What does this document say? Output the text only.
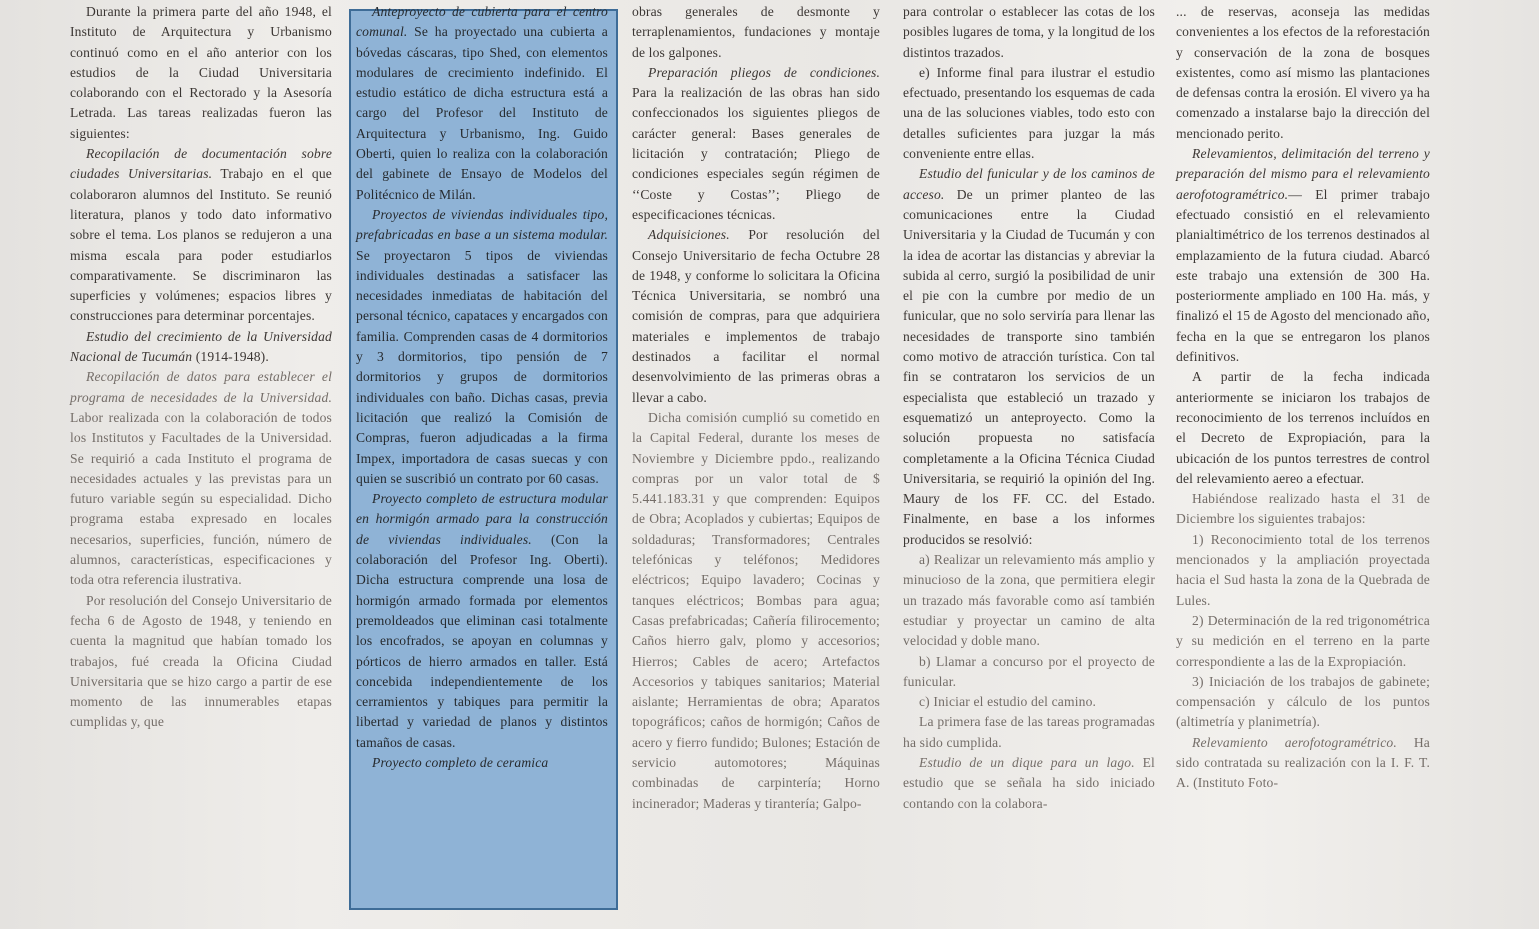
Durante la primera parte del año 1948, el Instituto de Arquitectura y Urbanismo continuó como en el año anterior con los estudios de la Ciudad Universitaria colaborando con el Rectorado y la Asesoría Letrada. Las tareas realizadas fueron las siguientes:

Recopilación de documentación sobre ciudades Universitarias. Trabajo en el que colaboraron alumnos del Instituto. Se reunió literatura, planos y todo dato informativo sobre el tema. Los planos se redujeron a una misma escala para poder estudiarlos comparativamente. Se discriminaron las superficies y volúmenes; espacios libres y construcciones para determinar porcentajes.

Estudio del crecimiento de la Universidad Nacional de Tucumán (1914-1948).

Recopilación de datos para establecer el programa de necesidades de la Universidad. Labor realizada con la colaboración de todos los Institutos y Facultades de la Universidad. Se requirió a cada Instituto el programa de necesidades actuales y las previstas para un futuro variable según su especialidad. Dicho programa estaba expresado en locales necesarios, superficies, función, número de alumnos, características, especificaciones y toda otra referencia ilustrativa.

Por resolución del Consejo Universitario de fecha 6 de Agosto de 1948, y teniendo en cuenta la magnitud que habían tomado los trabajos, fué creada la Oficina Ciudad Universitaria que se hizo cargo a partir de ese momento de las innumerables etapas cumplidas y, que

Anteproyecto de cubierta para el centro comunal. Se ha proyectado una cubierta a bóvedas cáscaras, tipo Shed, con elementos modulares de crecimiento indefinido. El estudio estático de dicha estructura está a cargo del Profesor del Instituto de Arquitectura y Urbanismo, Ing. Guido Oberti, quien lo realiza con la colaboración del gabinete de Ensayo de Modelos del Politécnico de Milán.

Proyectos de viviendas individuales tipo, prefabricadas en base a un sistema modular. Se proyectaron 5 tipos de viviendas individuales destinadas a satisfacer las necesidades inmediatas de habitación del personal técnico, capataces y encargados con familia. Comprenden casas de 4 dormitorios y 3 dormitorios, tipo pensión de 7 dormitorios y grupos de dormitorios individuales con baño. Dichas casas, previa licitación que realizó la Comisión de Compras, fueron adjudicadas a la firma Impex, importadora de casas suecas y con quien se suscribió un contrato por 60 casas.

Proyecto completo de estructura modular en hormigón armado para la construcción de viviendas individuales. (Con la colaboración del Profesor Ing. Oberti). Dicha estructura comprende una losa de hormigón armado formada por elementos premoldeados que eliminan casi totalmente los encofrados, se apoyan en columnas y pórticos de hierro armados en taller. Está concebida independientemente de los cerramientos y tabiques para permitir la libertad y variedad de planos y distintos tamaños de casas.

Proyecto completo de ceramica

obras generales de desmonte y terraplenamientos, fundaciones y montaje de los galpones.

Preparación pliegos de condiciones. Para la realización de las obras han sido confeccionados los siguientes pliegos de carácter general: Bases generales de licitación y contratación; Pliego de condiciones especiales según régimen de ‘‘Coste y Costas’’; Pliego de especificaciones técnicas.

Adquisiciones. Por resolución del Consejo Universitario de fecha Octubre 28 de 1948, y conforme lo solicitara la Oficina Técnica Universitaria, se nombró una comisión de compras, para que adquiriera materiales e implementos de trabajo destinados a facilitar el normal desenvolvimiento de las primeras obras a llevar a cabo.

Dicha comisión cumplió su cometido en la Capital Federal, durante los meses de Noviembre y Diciembre ppdo., realizando compras por un valor total de $ 5.441.183.31 y que comprenden: Equipos de Obra; Acoplados y cubiertas; Equipos de soldaduras; Transformadores; Centrales telefónicas y teléfonos; Medidores eléctricos; Equipo lavadero; Cocinas y tanques eléctricos; Bombas para agua; Casas prefabricadas; Cañería filirocemento; Caños hierro galv, plomo y accesorios; Hierros; Cables de acero; Artefactos Accesorios y tabiques sanitarios; Material aislante; Herramientas de obra; Aparatos topográficos; caños de hormigón; Caños de acero y fierro fundido; Bulones; Estación de servicio automotores; Máquinas combinadas de carpintería; Horno incinerador; Maderas y tirantería; Galpo-

para controlar o establecer las cotas de los posibles lugares de toma, y la longitud de los distintos trazados.

e) Informe final para ilustrar el estudio efectuado, presentando los esquemas de cada una de las soluciones viables, todo esto con detalles suficientes para juzgar la más conveniente entre ellas.

Estudio del funicular y de los caminos de acceso. De un primer planteo de las comunicaciones entre la Ciudad Universitaria y la Ciudad de Tucumán y con la idea de acortar las distancias y abreviar la subida al cerro, surgió la posibilidad de unir el pie con la cumbre por medio de un funicular, que no solo serviría para llenar las necesidades de transporte sino también como motivo de atracción turística. Con tal fin se contrataron los servicios de un especialista que estableció un trazado y esquematizó un anteproyecto. Como la solución propuesta no satisfacía completamente a la Oficina Técnica Ciudad Universitaria, se requirió la opinión del Ing. Maury de los FF. CC. del Estado. Finalmente, en base a los informes producidos se resolvió:

a) Realizar un relevamiento más amplio y minucioso de la zona, que permitiera elegir un trazado más favorable como así también estudiar y proyectar un camino de alta velocidad y doble mano.

b) Llamar a concurso por el proyecto de funicular.

c) Iniciar el estudio del camino.

La primera fase de las tareas programadas ha sido cumplida.

Estudio de un dique para un lago. El estudio que se señala ha sido iniciado contando con la colabora-

... de reservas, aconseja las medidas convenientes a los efectos de la reforestación y conservación de la zona de bosques existentes, como así mismo las plantaciones de defensas contra la erosión. El vivero ya ha comenzado a instalarse bajo la dirección del mencionado perito.

Relevamientos, delimitación del terreno y preparación del mismo para el relevamiento aerofotogramétrico.— El primer trabajo efectuado consistió en el relevamiento planialtimétrico de los terrenos destinados al emplazamiento de la futura ciudad. Abarcó este trabajo una extensión de 300 Ha. posteriormente ampliado en 100 Ha. más, y finalizó el 15 de Agosto del mencionado año, fecha en la que se entregaron los planos definitivos.

A partir de la fecha indicada anteriormente se iniciaron los trabajos de reconocimiento de los terrenos incluídos en el Decreto de Expropiación, para la ubicación de los puntos terrestres de control del relevamiento aereo a efectuar.

Habiéndose realizado hasta el 31 de Diciembre los siguientes trabajos:

1) Reconocimiento total de los terrenos mencionados y la ampliación proyectada hacia el Sud hasta la zona de la Quebrada de Lules.

2) Determinación de la red trigonométrica y su medición en el terreno en la parte correspondiente a las de la Expropiación.

3) Iniciación de los trabajos de gabinete; compensación y cálculo de los puntos (altimetría y planimetría).

Relevamiento aerofotogramétrico. Ha sido contratada su realización con la I. F. T. A. (Instituto Foto-
